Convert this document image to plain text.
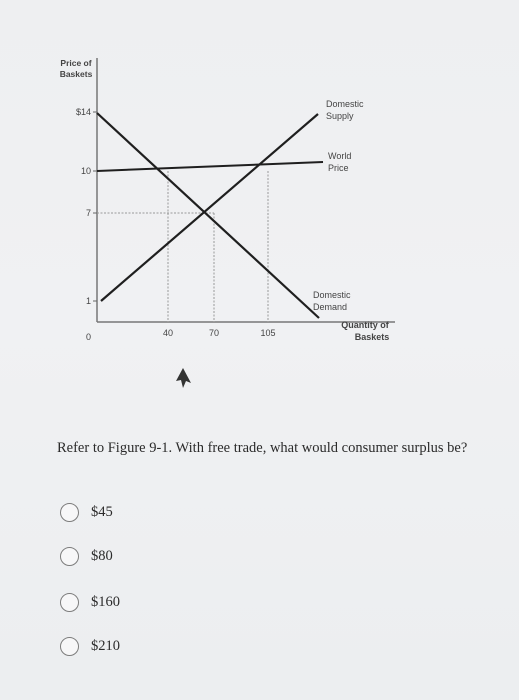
Price of
Baskets
$14
10
7
1
0	40	70	105
Domestic
Supply
World
Price
Domestic
Demand
Quantity of
Baskets
Refer to Figure 9-1. With free trade, what would consumer surplus be?
$45
$80
$160
$210
